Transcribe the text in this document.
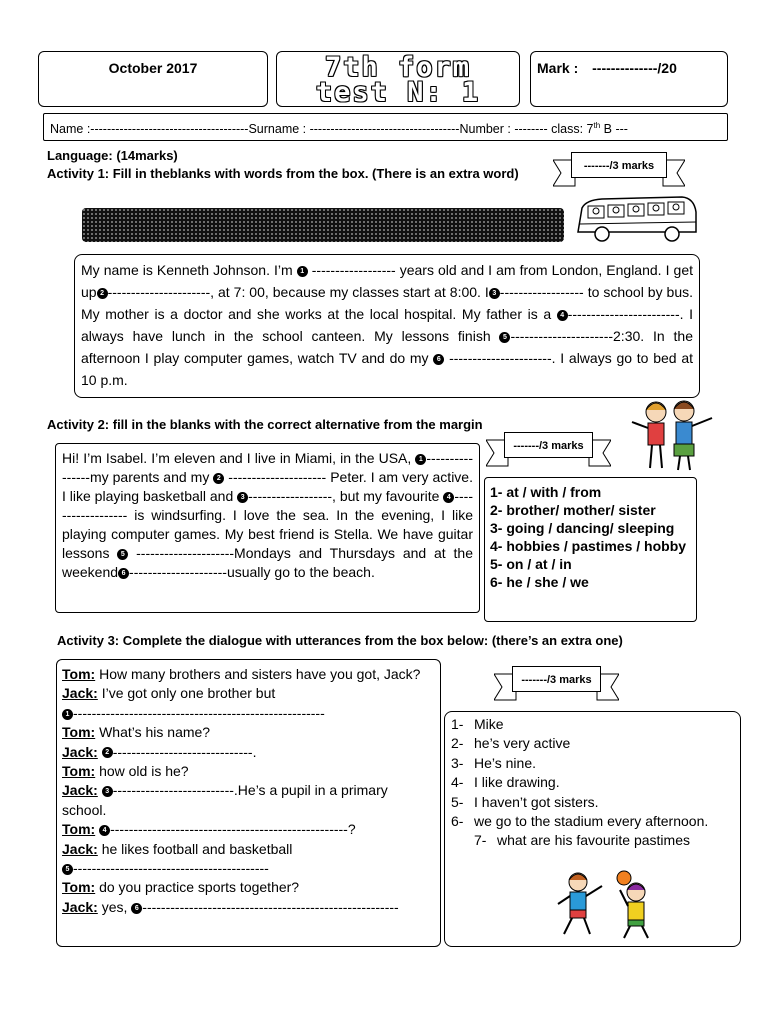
October 2017	7th form
test N: 1
Mark : --------------/20
Name :--------------------------------------Surname : ------------------------------------Number : -------- class: 7th B ---
Language: (14marks)
Activity 1: Fill in theblanks with words from the box. (There is an extra word)	-------/3 marks
My name is Kenneth Johnson. I’m 1 ------------------ years old and I am from London, England. I get up 2 ----------------------, at 7: 00, because my classes start at 8:00. I 3 ------------------ to school by bus. My mother is a doctor and she works at the local hospital. My father is a 4 ------------------------. I always have lunch in the school canteen. My lessons finish 5 ----------------------2:30. In the afternoon I play computer games, watch TV and do my 6 ----------------------. I always go to bed at 10 p.m.
Activity 2: fill in the blanks with the correct alternative from the margin
-------/3 marks
Hi! I’m Isabel. I’m eleven and I live in Miami, in the USA, 1 ----------------my parents and my 2 --------------------- Peter. I am very active. I like playing basketball and 3 ------------------, but my favourite 4 ------------------ is windsurfing. I love the sea. In the evening, I like playing computer games. My best friend is Stella. We have guitar lessons 5 ---------------------Mondays and Thursdays and at the weekend 6 ---------------------usually go to the beach.
1- at / with / from
2- brother/ mother/ sister
3- going / dancing/ sleeping
4- hobbies / pastimes / hobby
5- on / at / in
6- he / she / we
Activity 3: Complete the dialogue with utterances from the box below: (there’s an extra one)
Tom: How many brothers and sisters have you got, Jack?
Jack: I’ve got only one brother but
1 ------------------------------------------------------
Tom: What’s his name?
Jack: 2 ------------------------------.
Tom: how old is he?
Jack: 3 --------------------------.He’s a pupil in a primary school.
Tom: 4 ---------------------------------------------------?
Jack: he likes football and basketball
5 ------------------------------------------
Tom: do you practice sports together?
Jack: yes, 6 -------------------------------------------------------
-------/3 marks
1- Mike
2- he’s very active
3- He’s nine.
4- I like drawing.
5- I haven’t got sisters.
6- we go to the stadium every afternoon.
7- what are his favourite pastimes
